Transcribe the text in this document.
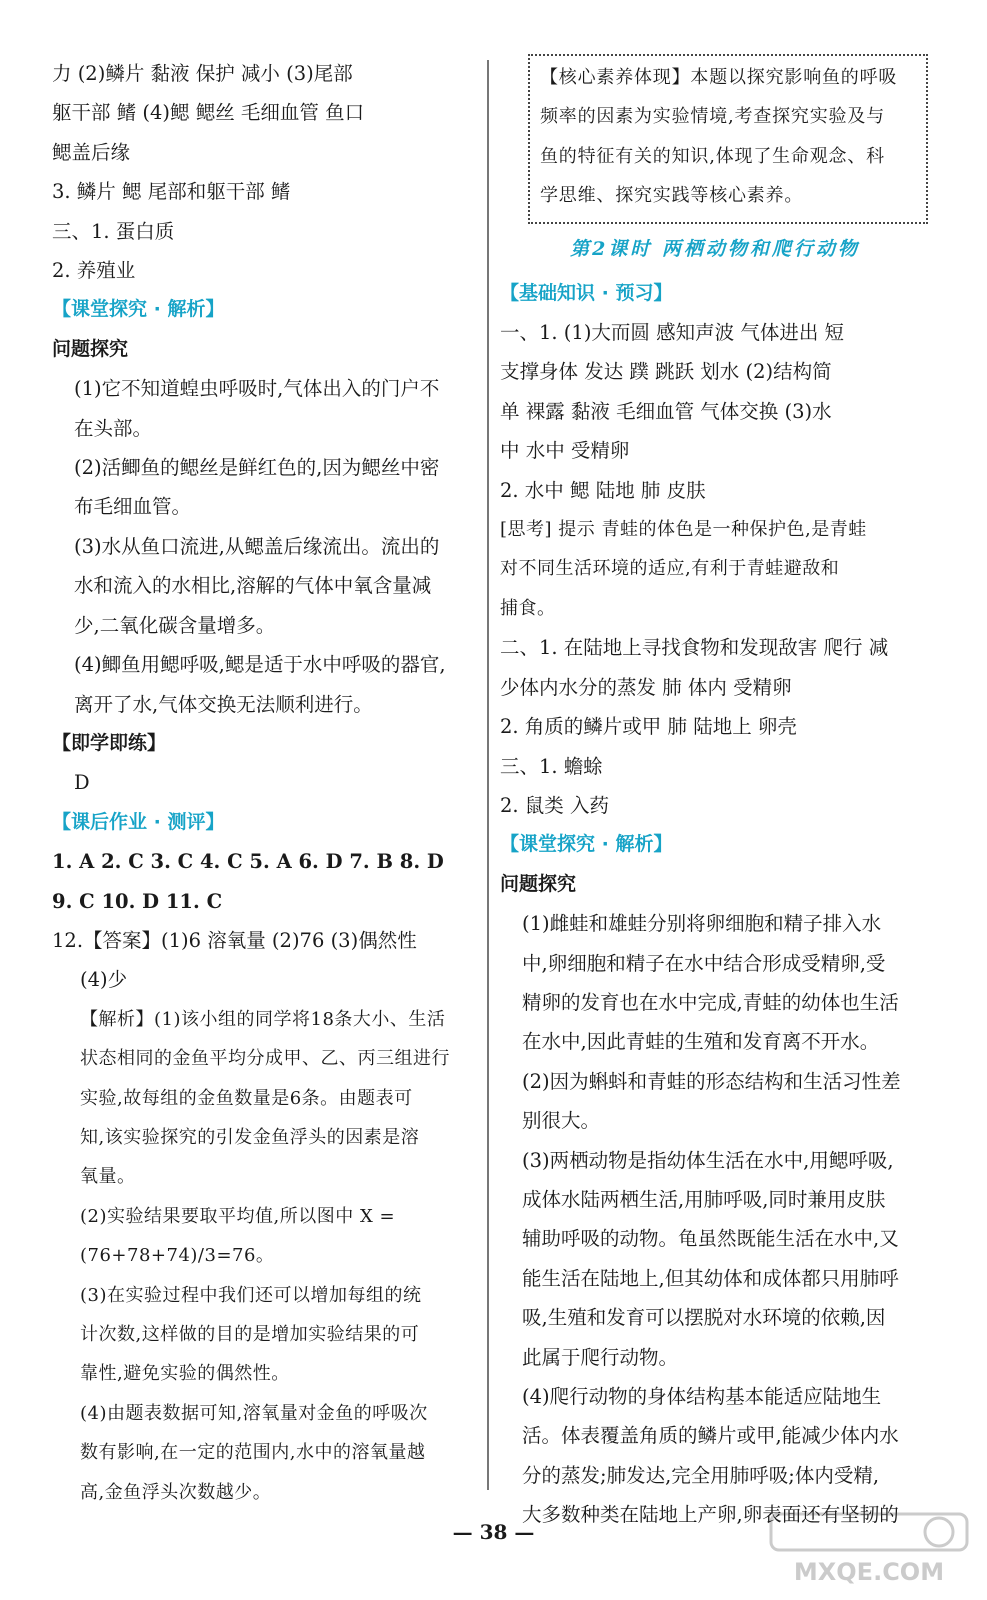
力 (2)鳞片 黏液 保护 减小 (3)尾部
躯干部 鳍 (4)鳃 鳃丝 毛细血管 鱼口
鳃盖后缘
3. 鳞片 鳃 尾部和躯干部 鳍
三、1. 蛋白质
2. 养殖业
【课堂探究 · 解析】
问题探究
(1)它不知道蝗虫呼吸时,气体出入的门户不
在头部。
(2)活鲫鱼的鳃丝是鲜红色的,因为鳃丝中密
布毛细血管。
(3)水从鱼口流进,从鳃盖后缘流出。流出的
水和流入的水相比,溶解的气体中氧含量减
少,二氧化碳含量增多。
(4)鲫鱼用鳃呼吸,鳃是适于水中呼吸的器官,
离开了水,气体交换无法顺利进行。
【即学即练】
D
【课后作业 · 测评】
1. A 2. C 3. C 4. C 5. A 6. D 7. B 8. D
9. C 10. D 11. C
12.【答案】(1)6 溶氧量 (2)76 (3)偶然性
(4)少
【解析】(1)该小组的同学将18条大小、生活
状态相同的金鱼平均分成甲、乙、丙三组进行
实验,故每组的金鱼数量是6条。由题表可
知,该实验探究的引发金鱼浮头的因素是溶
氧量。
(2)实验结果要取平均值,所以图中 X =
(76+78+74)/3=76。
(3)在实验过程中我们还可以增加每组的统
计次数,这样做的目的是增加实验结果的可
靠性,避免实验的偶然性。
(4)由题表数据可知,溶氧量对金鱼的呼吸次
数有影响,在一定的范围内,水中的溶氧量越
高,金鱼浮头次数越少。
【核心素养体现】本题以探究影响鱼的呼吸
频率的因素为实验情境,考查探究实验及与
鱼的特征有关的知识,体现了生命观念、科
学思维、探究实践等核心素养。
第2课时 两栖动物和爬行动物
【基础知识 · 预习】
一、1. (1)大而圆 感知声波 气体进出 短
支撑身体 发达 蹼 跳跃 划水 (2)结构简
单 裸露 黏液 毛细血管 气体交换 (3)水
中 水中 受精卵
2. 水中 鳃 陆地 肺 皮肤
[思考] 提示 青蛙的体色是一种保护色,是青蛙
对不同生活环境的适应,有利于青蛙避敌和
捕食。
二、1. 在陆地上寻找食物和发现敌害 爬行 减
少体内水分的蒸发 肺 体内 受精卵
2. 角质的鳞片或甲 肺 陆地上 卵壳
三、1. 蟾蜍
2. 鼠类 入药
【课堂探究 · 解析】
问题探究
(1)雌蛙和雄蛙分别将卵细胞和精子排入水
中,卵细胞和精子在水中结合形成受精卵,受
精卵的发育也在水中完成,青蛙的幼体也生活
在水中,因此青蛙的生殖和发育离不开水。
(2)因为蝌蚪和青蛙的形态结构和生活习性差
别很大。
(3)两栖动物是指幼体生活在水中,用鳃呼吸,
成体水陆两栖生活,用肺呼吸,同时兼用皮肤
辅助呼吸的动物。龟虽然既能生活在水中,又
能生活在陆地上,但其幼体和成体都只用肺呼
吸,生殖和发育可以摆脱对水环境的依赖,因
此属于爬行动物。
(4)爬行动物的身体结构基本能适应陆地生
活。体表覆盖角质的鳞片或甲,能减少体内水
分的蒸发;肺发达,完全用肺呼吸;体内受精,
大多数种类在陆地上产卵,卵表面还有坚韧的
— 38 —
MXQE.COM
